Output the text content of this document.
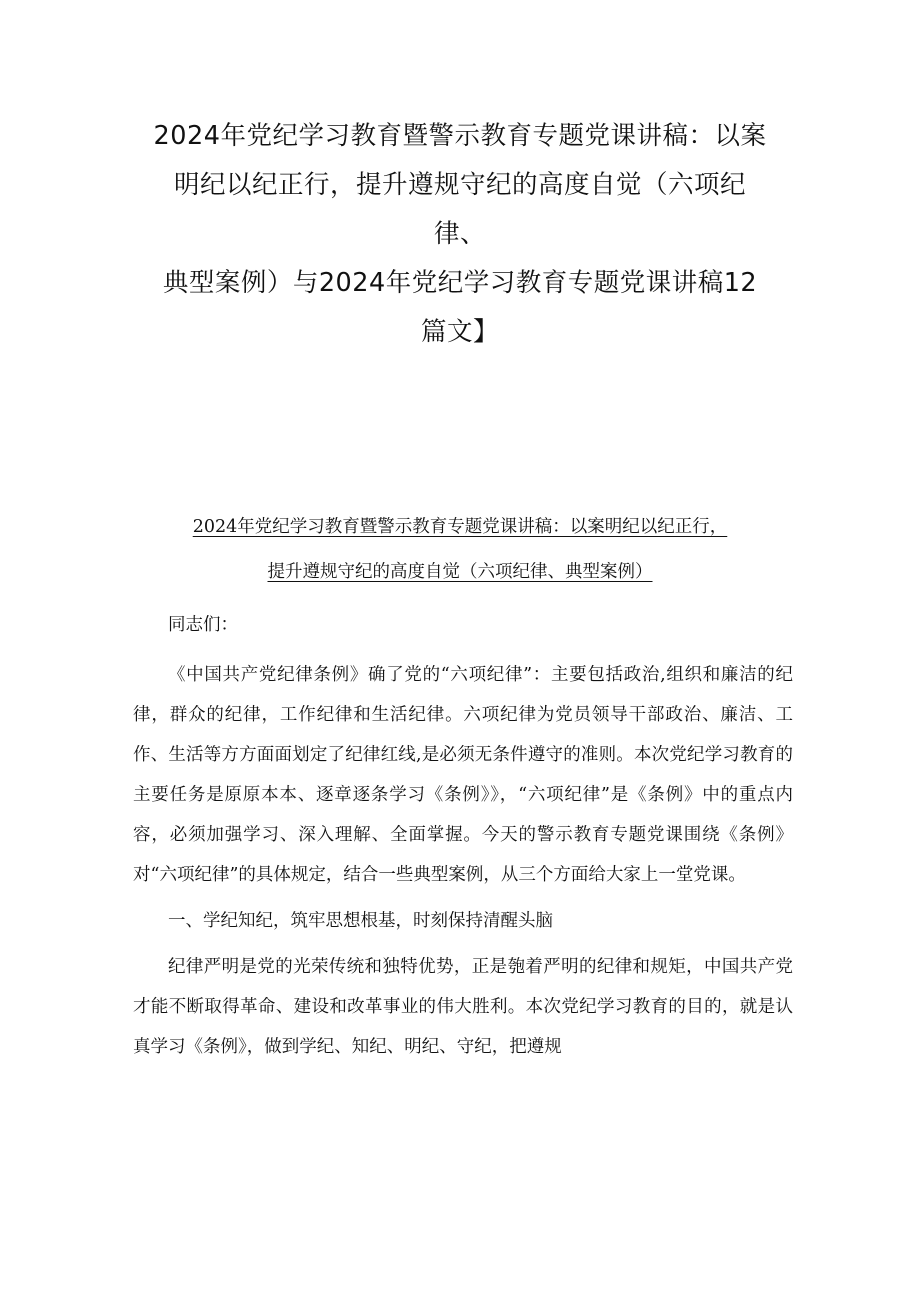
2024年党纪学习教育暨警示教育专题党课讲稿：以案
明纪以纪正行，提升遵规守纪的高度自觉（六项纪
律、
典型案例）与2024年党纪学习教育专题党课讲稿12
篇文】
2024年党纪学习教育暨警示教育专题党课讲稿：以案明纪以纪正行，
提升遵规守纪的高度自觉（六项纪律、典型案例）

同志们：

《中国共产党纪律条例》确了党的“六项纪律”：主要包括政治,组织和廉洁的纪律，群众的纪律，工作纪律和生活纪律。六项纪律为党员领导干部政治、廉洁、工作、生活等方方面面划定了纪律红线,是必须无条件遵守的准则。本次党纪学习教育的主要任务是原原本本、逐章逐条学习《条例》》，“六项纪律”是《条例》中的重点内容，必须加强学习、深入理解、全面掌握。今天的警示教育专题党课围绕《条例》对“六项纪律”的具体规定，结合一些典型案例，从三个方面给大家上一堂党课。

一、学纪知纪，筑牢思想根基，时刻保持清醒头脑

纪律严明是党的光荣传统和独特优势，正是匏着严明的纪律和规矩，中国共产党才能不断取得革命、建设和改革事业的伟大胜利。本次党纪学习教育的目的，就是认真学习《条例》，做到学纪、知纪、明纪、守纪，把遵规
